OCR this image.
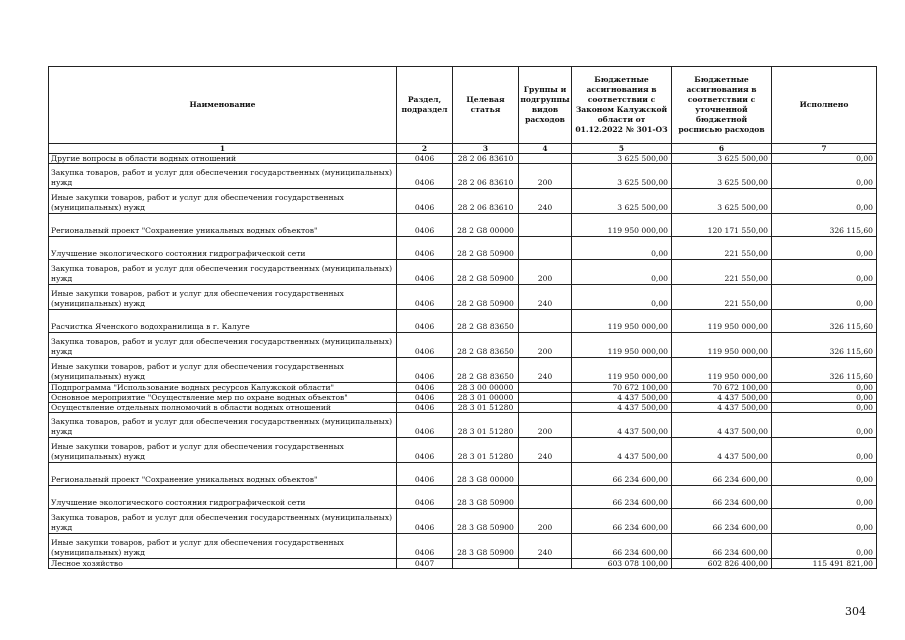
Наименование	Раздел, подраздел	Целевая статья	Группы и подгруппы видов расходов	Бюджетные ассигнования в соответствии с Законом Калужской области от 01.12.2022 № 301-ОЗ	Бюджетные ассигнования в соответствии с уточненной бюджетной росписью расходов	Исполнено
1	2	3	4	5	6	7
Другие вопросы в области водных отношений	0406	28 2 06 83610		3 625 500,00	3 625 500,00	0,00
Закупка товаров, работ и услуг для обеспечения государственных (муниципальных) нужд	0406	28 2 06 83610	200	3 625 500,00	3 625 500,00	0,00
Иные закупки товаров, работ и услуг для обеспечения государственных (муниципальных) нужд	0406	28 2 06 83610	240	3 625 500,00	3 625 500,00	0,00
Региональный проект "Сохранение уникальных водных объектов"	0406	28 2 G8 00000		119 950 000,00	120 171 550,00	326 115,60
Улучшение экологического состояния гидрографической сети	0406	28 2 G8 50900		0,00	221 550,00	0,00
Закупка товаров, работ и услуг для обеспечения государственных (муниципальных) нужд	0406	28 2 G8 50900	200	0,00	221 550,00	0,00
Иные закупки товаров, работ и услуг для обеспечения государственных (муниципальных) нужд	0406	28 2 G8 50900	240	0,00	221 550,00	0,00
Расчистка Яченского водохранилища в г. Калуге	0406	28 2 G8 83650		119 950 000,00	119 950 000,00	326 115,60
Закупка товаров, работ и услуг для обеспечения государственных (муниципальных) нужд	0406	28 2 G8 83650	200	119 950 000,00	119 950 000,00	326 115,60
Иные закупки товаров, работ и услуг для обеспечения государственных (муниципальных) нужд	0406	28 2 G8 83650	240	119 950 000,00	119 950 000,00	326 115,60
Подпрограмма "Использование водных ресурсов Калужской области"	0406	28 3 00 00000		70 672 100,00	70 672 100,00	0,00
Основное мероприятие "Осуществление мер по охране водных объектов"	0406	28 3 01 00000		4 437 500,00	4 437 500,00	0,00
Осуществление отдельных полномочий в области водных отношений	0406	28 3 01 51280		4 437 500,00	4 437 500,00	0,00
Закупка товаров, работ и услуг для обеспечения государственных (муниципальных) нужд	0406	28 3 01 51280	200	4 437 500,00	4 437 500,00	0,00
Иные закупки товаров, работ и услуг для обеспечения государственных (муниципальных) нужд	0406	28 3 01 51280	240	4 437 500,00	4 437 500,00	0,00
Региональный проект "Сохранение уникальных водных объектов"	0406	28 3 G8 00000		66 234 600,00	66 234 600,00	0,00
Улучшение экологического состояния гидрографической сети	0406	28 3 G8 50900		66 234 600,00	66 234 600,00	0,00
Закупка товаров, работ и услуг для обеспечения государственных (муниципальных) нужд	0406	28 3 G8 50900	200	66 234 600,00	66 234 600,00	0,00
Иные закупки товаров, работ и услуг для обеспечения государственных (муниципальных) нужд	0406	28 3 G8 50900	240	66 234 600,00	66 234 600,00	0,00
Лесное хозяйство	0407			603 078 100,00	602 826 400,00	115 491 821,00
304
